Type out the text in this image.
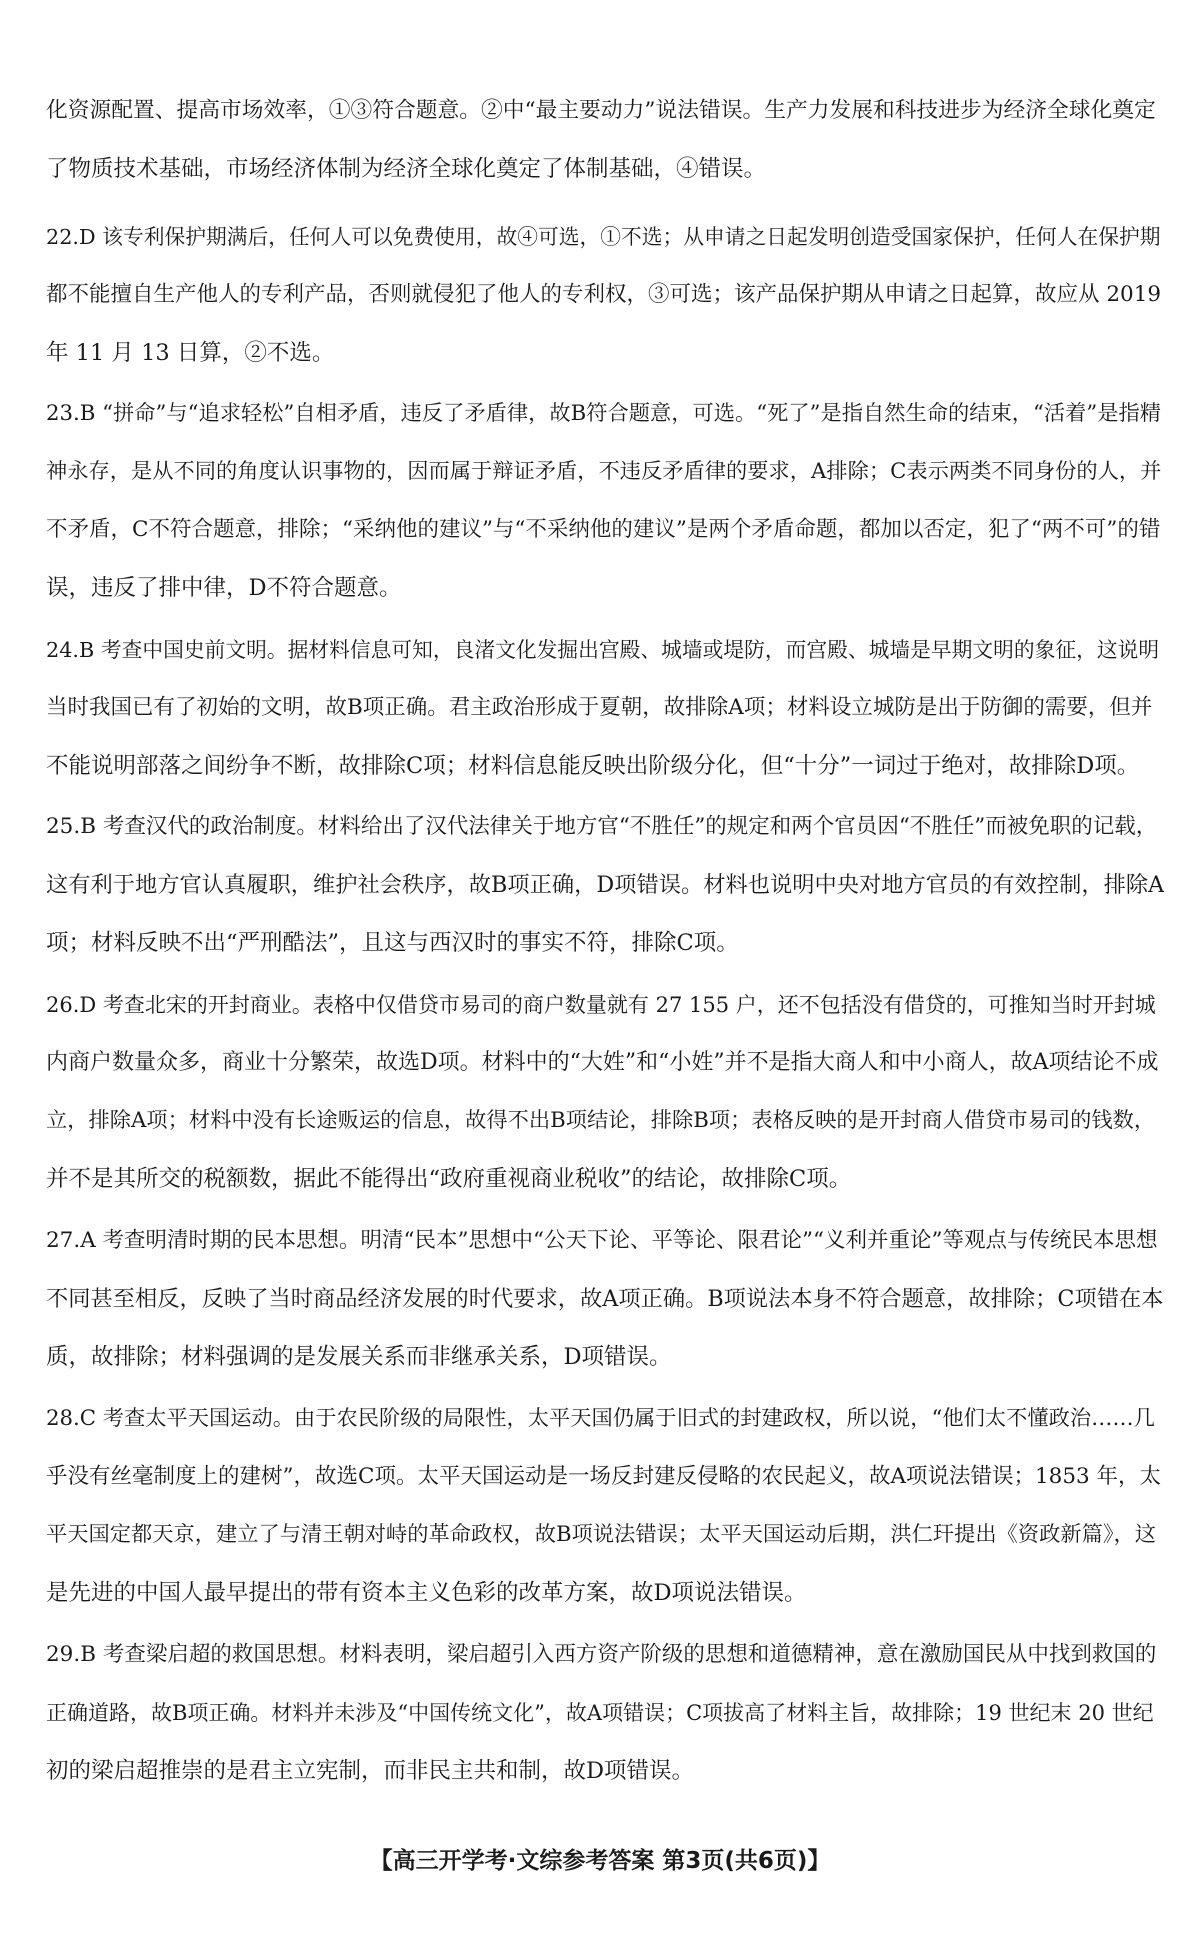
化资源配置、提高市场效率，①③符合题意。②中“最主要动力”说法错误。生产力发展和科技进步为经济全球化奠定
了物质技术基础，市场经济体制为经济全球化奠定了体制基础，④错误。
22.D 该专利保护期满后，任何人可以免费使用，故④可选，①不选；从申请之日起发明创造受国家保护，任何人在保护期
都不能擅自生产他人的专利产品，否则就侵犯了他人的专利权，③可选；该产品保护期从申请之日起算，故应从 2019
年 11 月 13 日算，②不选。
23.B “拼命”与“追求轻松”自相矛盾，违反了矛盾律，故B符合题意，可选。“死了”是指自然生命的结束，“活着”是指精
神永存，是从不同的角度认识事物的，因而属于辩证矛盾，不违反矛盾律的要求，A排除；C表示两类不同身份的人，并
不矛盾，C不符合题意，排除；“采纳他的建议”与“不采纳他的建议”是两个矛盾命题，都加以否定，犯了“两不可”的错
误，违反了排中律，D不符合题意。
24.B 考查中国史前文明。据材料信息可知，良渚文化发掘出宫殿、城墙或堤防，而宫殿、城墙是早期文明的象征，这说明
当时我国已有了初始的文明，故B项正确。君主政治形成于夏朝，故排除A项；材料设立城防是出于防御的需要，但并
不能说明部落之间纷争不断，故排除C项；材料信息能反映出阶级分化，但“十分”一词过于绝对，故排除D项。
25.B 考查汉代的政治制度。材料给出了汉代法律关于地方官“不胜任”的规定和两个官员因“不胜任”而被免职的记载，
这有利于地方官认真履职，维护社会秩序，故B项正确，D项错误。材料也说明中央对地方官员的有效控制，排除A
项；材料反映不出“严刑酷法”，且这与西汉时的事实不符，排除C项。
26.D 考查北宋的开封商业。表格中仅借贷市易司的商户数量就有 27 155 户，还不包括没有借贷的，可推知当时开封城
内商户数量众多，商业十分繁荣，故选D项。材料中的“大姓”和“小姓”并不是指大商人和中小商人，故A项结论不成
立，排除A项；材料中没有长途贩运的信息，故得不出B项结论，排除B项；表格反映的是开封商人借贷市易司的钱数，
并不是其所交的税额数，据此不能得出“政府重视商业税收”的结论，故排除C项。
27.A 考查明清时期的民本思想。明清“民本”思想中“公天下论、平等论、限君论”“义利并重论”等观点与传统民本思想
不同甚至相反，反映了当时商品经济发展的时代要求，故A项正确。B项说法本身不符合题意，故排除；C项错在本
质，故排除；材料强调的是发展关系而非继承关系，D项错误。
28.C 考查太平天国运动。由于农民阶级的局限性，太平天国仍属于旧式的封建政权，所以说，“他们太不懂政治……几
乎没有丝毫制度上的建树”，故选C项。太平天国运动是一场反封建反侵略的农民起义，故A项说法错误；1853 年，太
平天国定都天京，建立了与清王朝对峙的革命政权，故B项说法错误；太平天国运动后期，洪仁玕提出《资政新篇》，这
是先进的中国人最早提出的带有资本主义色彩的改革方案，故D项说法错误。
29.B 考查梁启超的救国思想。材料表明，梁启超引入西方资产阶级的思想和道德精神，意在激励国民从中找到救国的
正确道路，故B项正确。材料并未涉及“中国传统文化”，故A项错误；C项拔高了材料主旨，故排除；19 世纪末 20 世纪
初的梁启超推崇的是君主立宪制，而非民主共和制，故D项错误。
【高三开学考·文综参考答案 第3页(共6页)】
